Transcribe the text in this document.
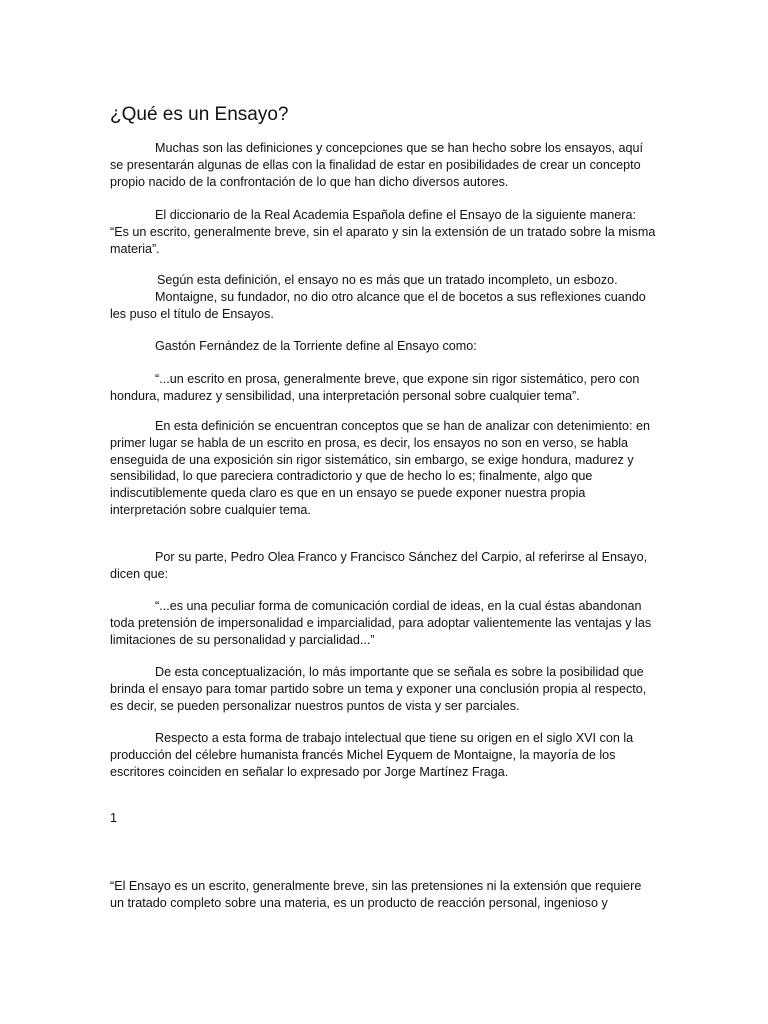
¿Qué es un Ensayo?

Muchas son las definiciones y concepciones que se han hecho sobre los ensayos, aquí se presentarán algunas de ellas con la finalidad de estar en posibilidades de crear un concepto propio nacido de la confrontación de lo que han dicho diversos autores.

El diccionario de la Real Academia Española define el Ensayo de la siguiente manera: “Es un escrito, generalmente breve, sin el aparato y sin la extensión de un tratado sobre la misma materia”.

Según esta definición, el ensayo no es más que un tratado incompleto, un esbozo.

Montaigne, su fundador, no dio otro alcance que el de bocetos a sus reflexiones cuando les puso el título de Ensayos.

Gastón Fernández de la Torriente define al Ensayo como:

“...un escrito en prosa, generalmente breve, que expone sin rigor sistemático, pero con hondura, madurez y sensibilidad, una interpretación personal sobre cualquier tema”.

En esta definición se encuentran conceptos que se han de analizar con detenimiento: en primer lugar se habla de un escrito en prosa, es decir, los ensayos no son en verso, se habla enseguida de una exposición sin rigor sistemático, sin embargo, se exige hondura, madurez y sensibilidad, lo que pareciera contradictorio y que de hecho lo es; finalmente, algo que indiscutiblemente queda claro es que en un ensayo se puede exponer nuestra propia interpretación sobre cualquier tema.

Por su parte, Pedro Olea Franco y Francisco Sánchez del Carpio, al referirse al Ensayo, dicen que:

“...es una peculiar forma de comunicación cordial de ideas, en la cual éstas abandonan toda pretensión de impersonalidad e imparcialidad, para adoptar valientemente las ventajas y las limitaciones de su personalidad y parcialidad...”

De esta conceptualización, lo más importante que se señala es sobre la posibilidad que brinda el ensayo para tomar partido sobre un tema y exponer una conclusión propia al respecto, es decir, se pueden personalizar nuestros puntos de vista y ser parciales.

Respecto a esta forma de trabajo intelectual que tiene su origen en el siglo XVI con la producción del célebre humanista francés Michel Eyquem de Montaigne, la mayoría de los escritores coinciden en señalar lo expresado por Jorge Martínez Fraga.

1

“El Ensayo es un escrito, generalmente breve, sin las pretensiones ni la extensión que requiere un tratado completo sobre una materia, es un producto de reacción personal, ingenioso y
